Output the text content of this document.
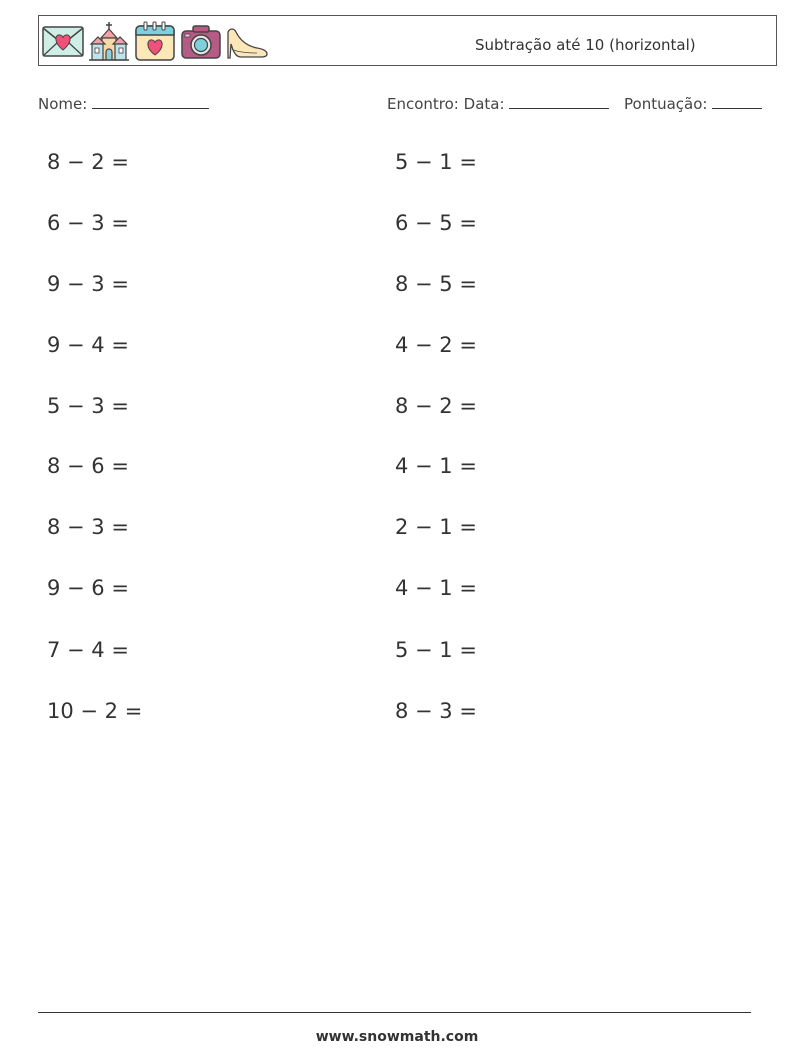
Subtração até 10 (horizontal)
Nome:	Encontro: Data:	Pontuação:
8 − 2 =
6 − 3 =
9 − 3 =
9 − 4 =
5 − 3 =
8 − 6 =
8 − 3 =
9 − 6 =
7 − 4 =
10 − 2 =
5 − 1 =
6 − 5 =
8 − 5 =
4 − 2 =
8 − 2 =
4 − 1 =
2 − 1 =
4 − 1 =
5 − 1 =
8 − 3 =
www.snowmath.com
